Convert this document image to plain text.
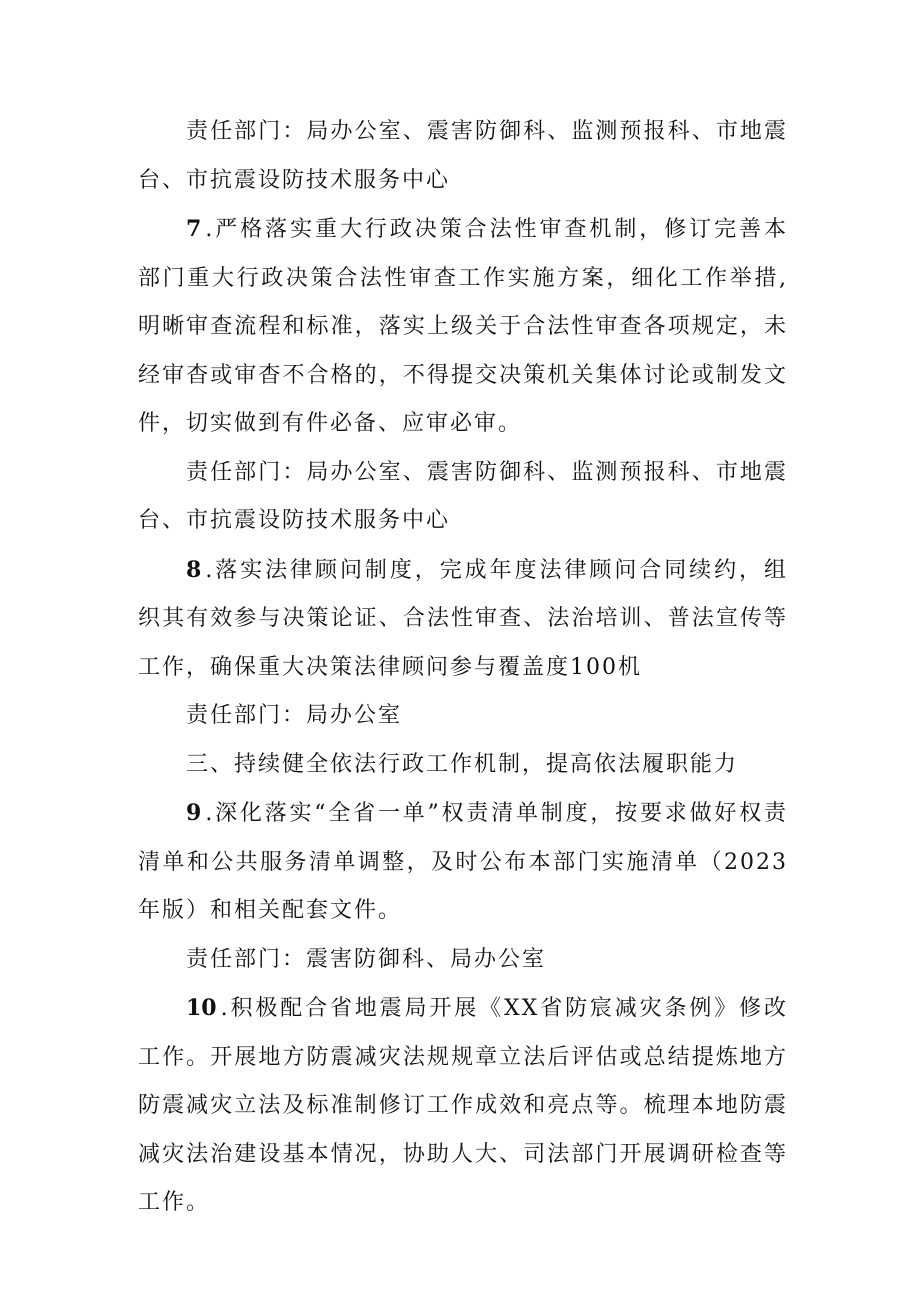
责任部门：局办公室、震害防御科、监测预报科、市地震台、市抗震设防技术服务中心

7 .严格落实重大行政决策合法性审查机制，修订完善本部门重大行政决策合法性审查工作实施方案，细化工作举措,明晰审查流程和标准，落实上级关于合法性审查各项规定，未经审杳或审杳不合格的，不得提交决策机关集体讨论或制发文件，切实做到有件必备、应审必审。

责任部门：局办公室、震害防御科、监测预报科、市地震台、市抗震设防技术服务中心

8 .落实法律顾问制度，完成年度法律顾问合同续约，组织其有效参与决策论证、合法性审查、法治培训、普法宣传等工作，确保重大决策法律顾问参与覆盖度100机

责任部门：局办公室

三、持续健全依法行政工作机制，提高依法履职能力

9 .深化落实“全省一单”权责清单制度，按要求做好权责清单和公共服务清单调整，及时公布本部门实施清单（2023年版）和相关配套文件。

责任部门：震害防御科、局办公室

10 .积极配合省地震局开展《XX省防宸减灾条例》修改工作。开展地方防震减灾法规规章立法后评估或总结提炼地方防震减灾立法及标准制修订工作成效和亮点等。梳理本地防震减灾法治建设基本情况，协助人大、司法部门开展调研检查等工作。
